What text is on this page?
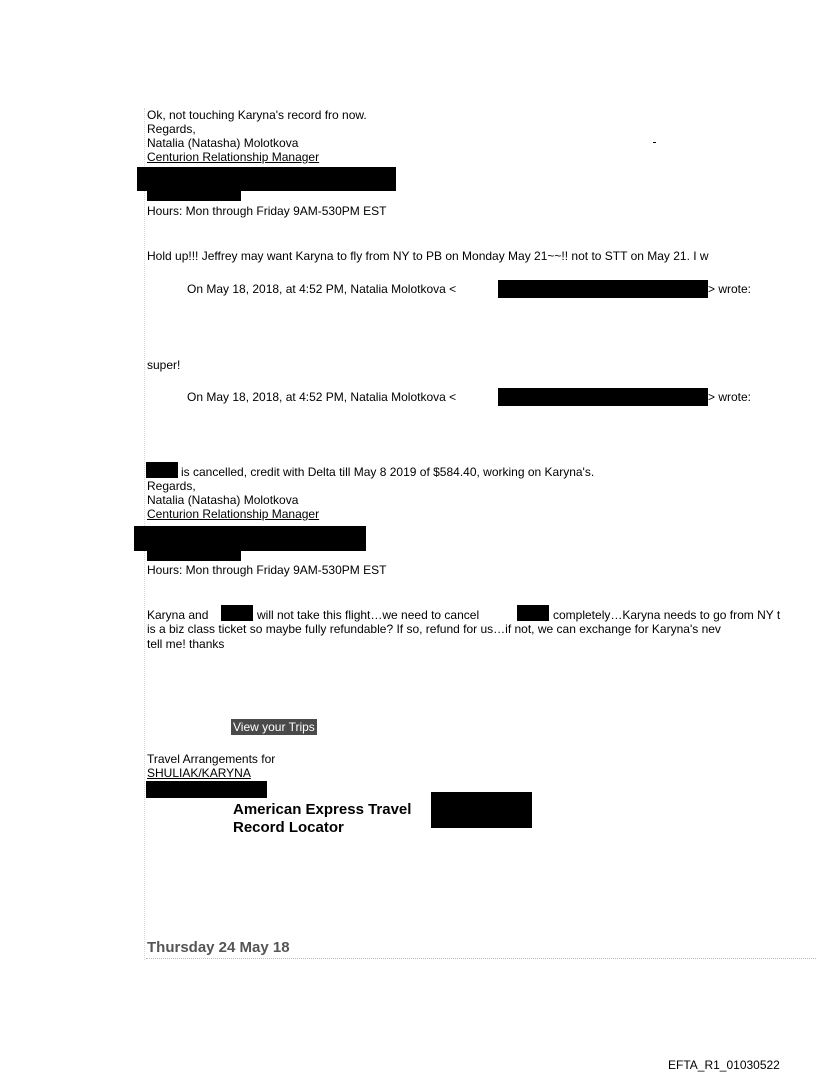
Ok, not touching Karyna's record fro now.
Regards,
Natalia (Natasha) Molotkova
Centurion Relationship Manager
Hours: Mon through Friday 9AM-530PM EST
Hold up!!! Jeffrey may want Karyna to fly from NY to PB on Monday May 21~~!! not to STT on May 21. I w
On May 18, 2018, at 4:52 PM, Natalia Molotkova <	> wrote:
super!
On May 18, 2018, at 4:52 PM, Natalia Molotkova <	> wrote:
is cancelled, credit with Delta till May 8 2019 of $584.40, working on Karyna's.
Regards,
Natalia (Natasha) Molotkova
Centurion Relationship Manager
Hours: Mon through Friday 9AM-530PM EST
Karyna and	will not take this flight…we need to cancel	completely…Karyna needs to go from NY t
is a biz class ticket so maybe fully refundable? If so, refund for us…if not, we can exchange for Karyna's nev
tell me! thanks
View your Trips
Travel Arrangements for
SHULIAK/KARYNA
American Express Travel
Record Locator
Thursday 24 May 18
EFTA_R1_01030522
